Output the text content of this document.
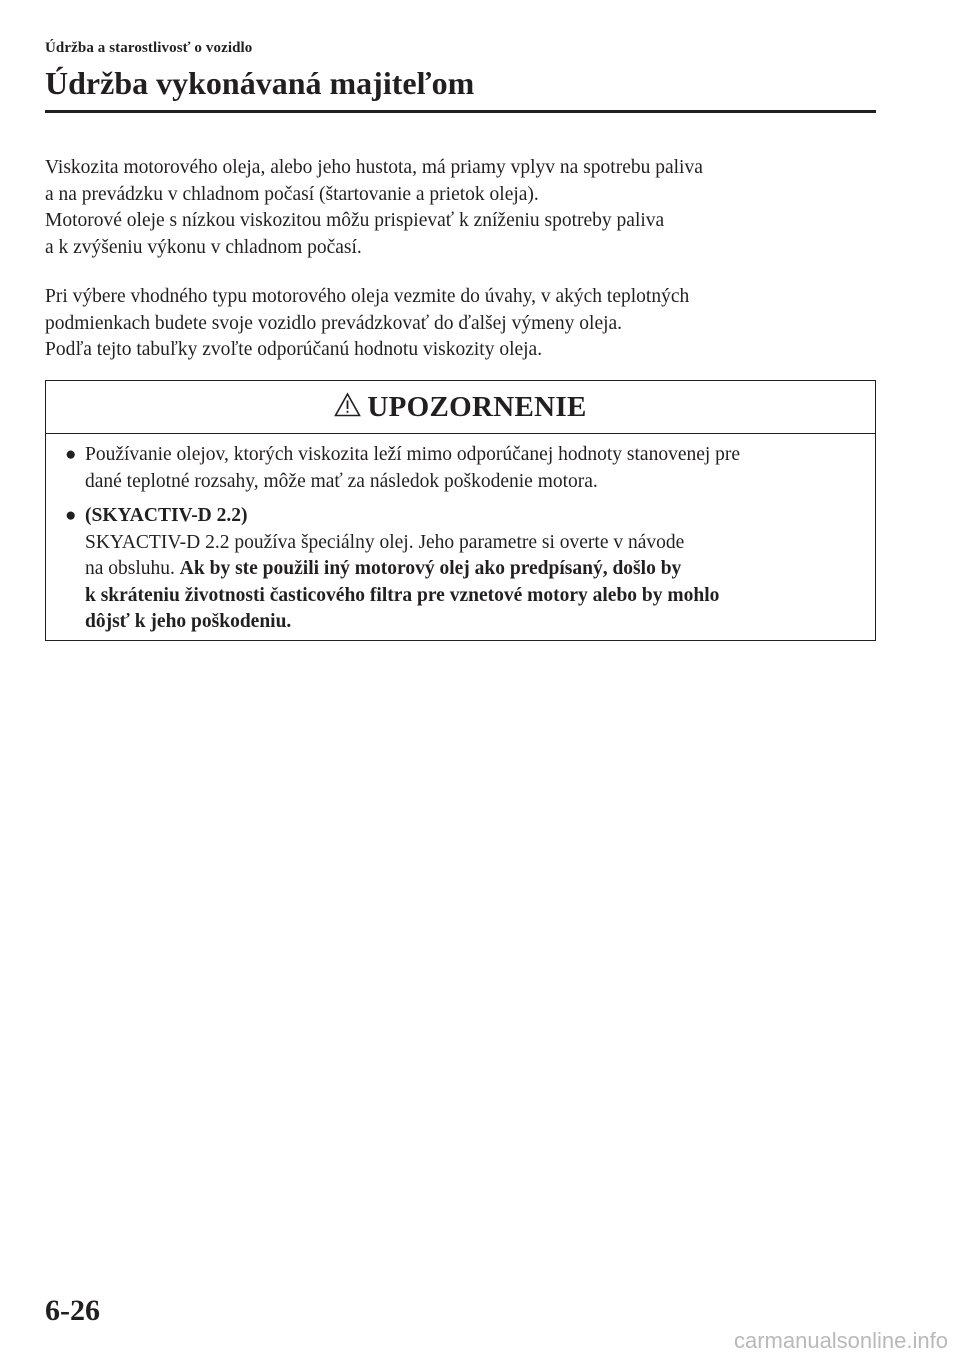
Údržba a starostlivosť o vozidlo
Údržba vykonávaná majiteľom

Viskozita motorového oleja, alebo jeho hustota, má priamy vplyv na spotrebu paliva

a na prevádzku v chladnom počasí (štartovanie a prietok oleja).

Motorové oleje s nízkou viskozitou môžu prispievať k zníženiu spotreby paliva

a k zvýšeniu výkonu v chladnom počasí.

Pri výbere vhodného typu motorového oleja vezmite do úvahy, v akých teplotných

podmienkach budete svoje vozidlo prevádzkovať do ďalšej výmeny oleja.

Podľa tejto tabuľky zvoľte odporúčanú hodnotu viskozity oleja.

UPOZORNENIE
● Používanie olejov, ktorých viskozita leží mimo odporúčanej hodnoty stanovenej pre
dané teplotné rozsahy, môže mať za následok poškodenie motora.
● (SKYACTIV-D 2.2)
SKYACTIV-D 2.2 používa špeciálny olej. Jeho parametre si overte v návode
na obsluhu. Ak by ste použili iný motorový olej ako predpísaný, došlo by
k skráteniu životnosti časticového filtra pre vznetové motory alebo by mohlo
dôjsť k jeho poškodeniu.
6-26
carmanualsonline.info
